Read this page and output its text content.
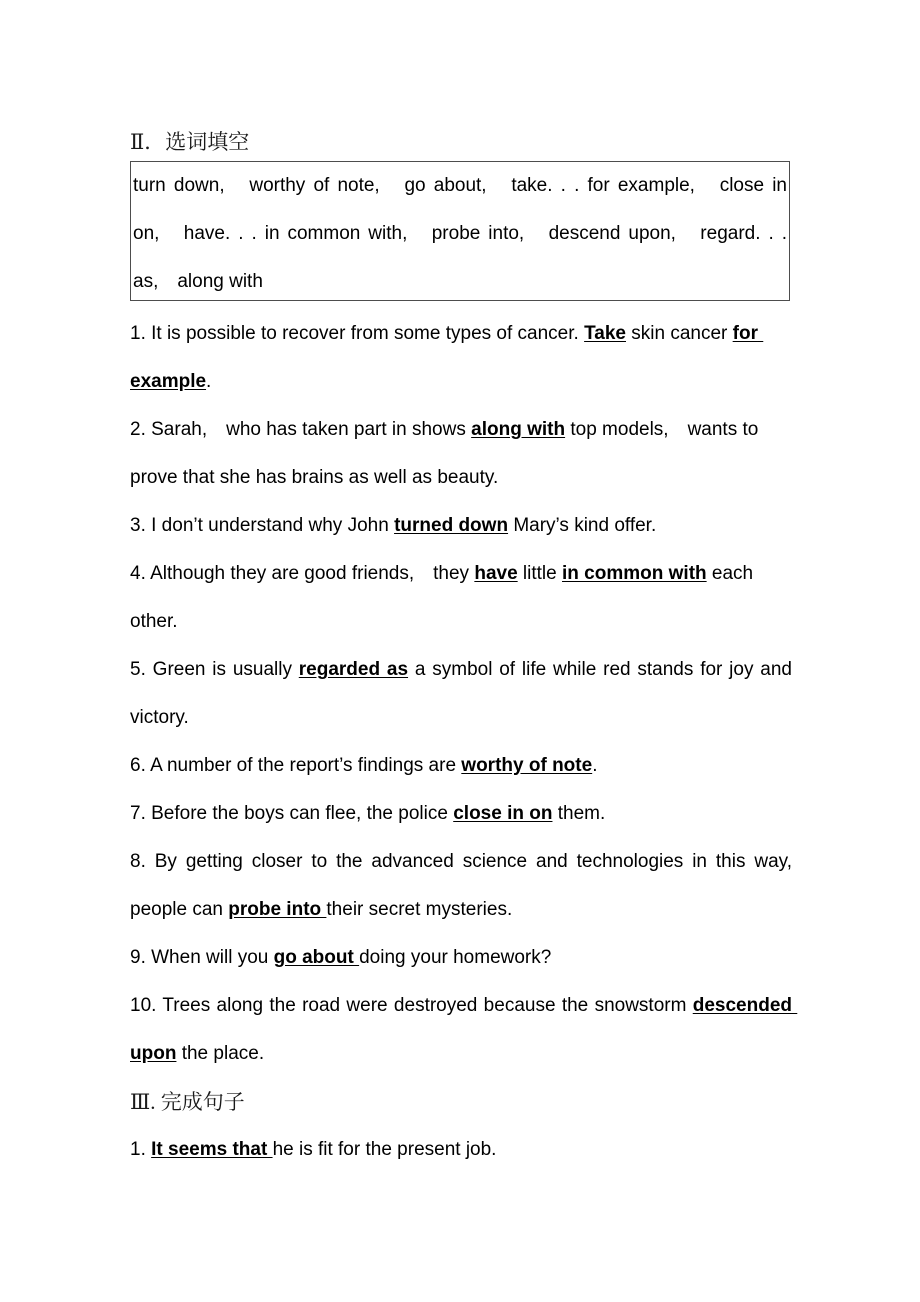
Ⅱ．选词填空
turn down,　worthy of note,　go about,　take. . . for example,　close in
on,　have. . . in common with,　probe into,　descend upon,　regard. . .
as,　along with
1. It is possible to recover from some types of cancer. Take skin cancer for example.
2. Sarah,　who has taken part in shows along with top models,　wants to prove that she has brains as well as beauty.
3. I don’t understand why John turned down Mary’s kind offer.
4. Although they are good friends,　they have little in common with each other.
5. Green is usually regarded as a symbol of life while red stands for joy and victory.
6. A number of the report’s findings are worthy of note.
7. Before the boys can flee, the police close in on them.
8. By getting closer to the advanced science and technologies in this way, people can probe into their secret mysteries.
9. When will you go about doing your homework?
10. Trees along the road were destroyed because the snowstorm descended upon the place.
Ⅲ. 完成句子
1. It seems that he is fit for the present job.
